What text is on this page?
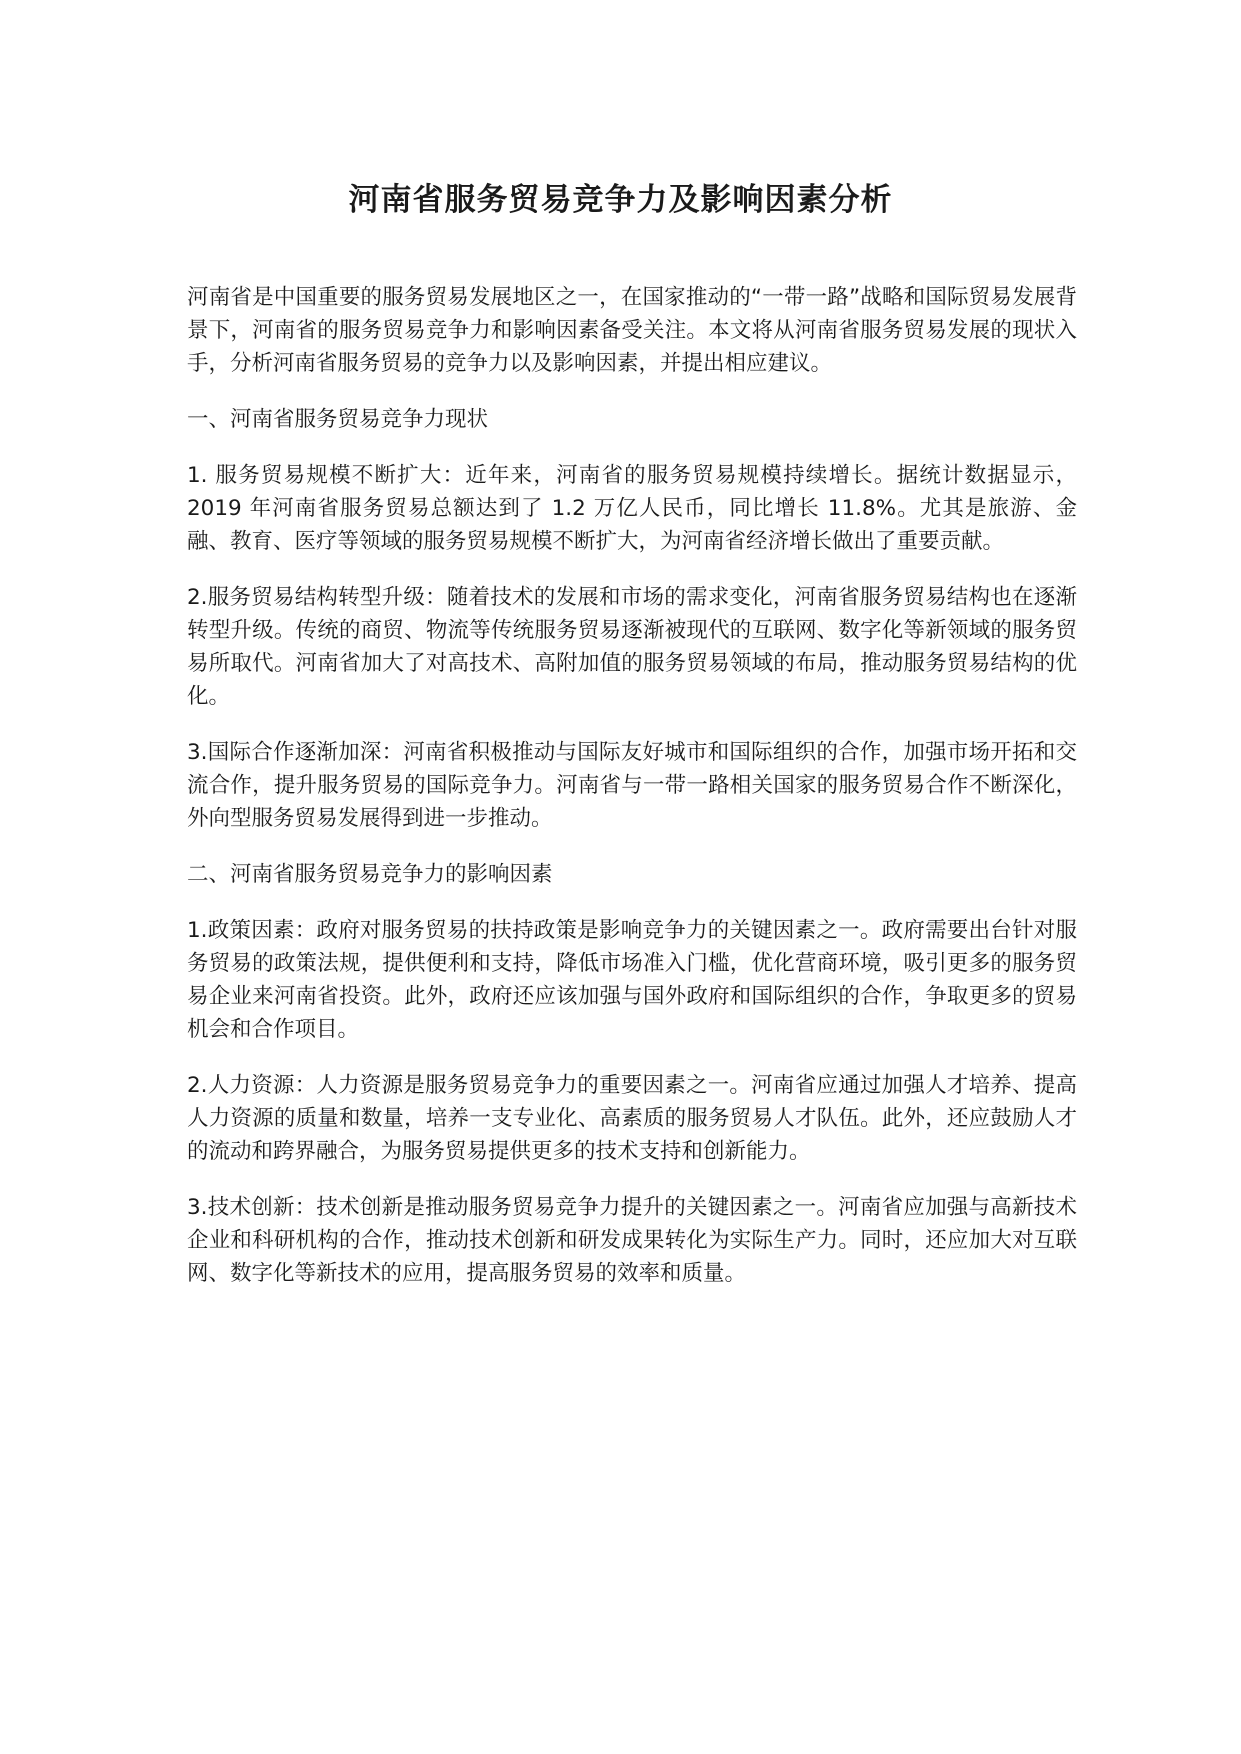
河南省服务贸易竞争力及影响因素分析

河南省是中国重要的服务贸易发展地区之一，在国家推动的“一带一路”战略和国际贸易发展背景下，河南省的服务贸易竞争力和影响因素备受关注。本文将从河南省服务贸易发展的现状入手，分析河南省服务贸易的竞争力以及影响因素，并提出相应建议。

一、河南省服务贸易竞争力现状

1. 服务贸易规模不断扩大：近年来，河南省的服务贸易规模持续增长。据统计数据显示，2019 年河南省服务贸易总额达到了 1.2 万亿人民币，同比增长 11.8%。尤其是旅游、金融、教育、医疗等领域的服务贸易规模不断扩大，为河南省经济增长做出了重要贡献。

2.服务贸易结构转型升级：随着技术的发展和市场的需求变化，河南省服务贸易结构也在逐渐转型升级。传统的商贸、物流等传统服务贸易逐渐被现代的互联网、数字化等新领域的服务贸易所取代。河南省加大了对高技术、高附加值的服务贸易领域的布局，推动服务贸易结构的优化。

3.国际合作逐渐加深：河南省积极推动与国际友好城市和国际组织的合作，加强市场开拓和交流合作，提升服务贸易的国际竞争力。河南省与一带一路相关国家的服务贸易合作不断深化，外向型服务贸易发展得到进一步推动。

二、河南省服务贸易竞争力的影响因素

1.政策因素：政府对服务贸易的扶持政策是影响竞争力的关键因素之一。政府需要出台针对服务贸易的政策法规，提供便利和支持，降低市场准入门槛，优化营商环境，吸引更多的服务贸易企业来河南省投资。此外，政府还应该加强与国外政府和国际组织的合作，争取更多的贸易机会和合作项目。

2.人力资源：人力资源是服务贸易竞争力的重要因素之一。河南省应通过加强人才培养、提高人力资源的质量和数量，培养一支专业化、高素质的服务贸易人才队伍。此外，还应鼓励人才的流动和跨界融合，为服务贸易提供更多的技术支持和创新能力。

3.技术创新：技术创新是推动服务贸易竞争力提升的关键因素之一。河南省应加强与高新技术企业和科研机构的合作，推动技术创新和研发成果转化为实际生产力。同时，还应加大对互联网、数字化等新技术的应用，提高服务贸易的效率和质量。
